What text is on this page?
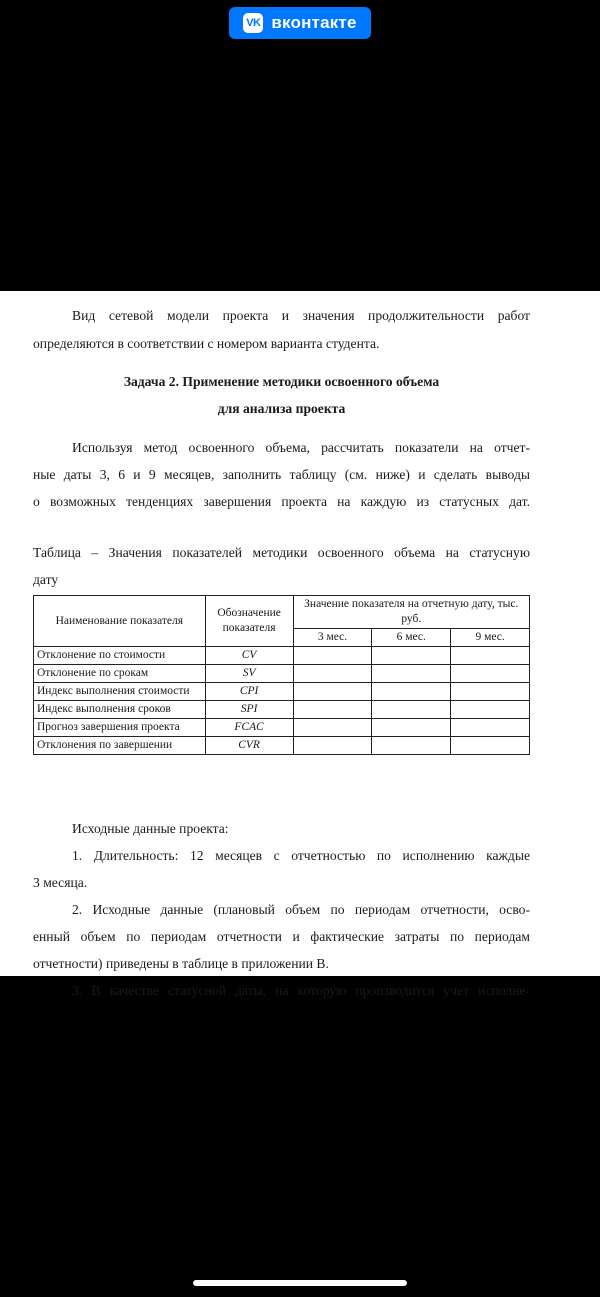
VK вконтакте

Вид сетевой модели проекта и значения продолжительности работ

определяются в соответствии с номером варианта студента.

Задача 2. Применение методики освоенного объема

для анализа проекта

Используя метод освоенного объема, рассчитать показатели на отчет-

ные даты 3, 6 и 9 месяцев, заполнить таблицу (см. ниже) и сделать выводы

о возможных тенденциях завершения проекта на каждую из статусных дат.

Таблица – Значения показателей методики освоенного объема на статусную

дату

Наименование показателя	Обозначение показателя	Значение показателя на отчетную дату, тыс. руб.		
		3 мес.	6 мес.	9 мес.
Отклонение по стоимости	CV			
Отклонение по срокам	SV			
Индекс выполнения стоимости	CPI			
Индекс выполнения сроков	SPI			
Прогноз завершения проекта	FCAC			
Отклонения по завершении	CVR			

Исходные данные проекта:

1. Длительность: 12 месяцев с отчетностью по исполнению каждые

3 месяца.

2. Исходные данные (плановый объем по периодам отчетности, осво-

енный объем по периодам отчетности и фактические затраты по периодам

отчетности) приведены в таблице в приложении В.

3. В качестве статусной даты, на которую производится учет исполне-
